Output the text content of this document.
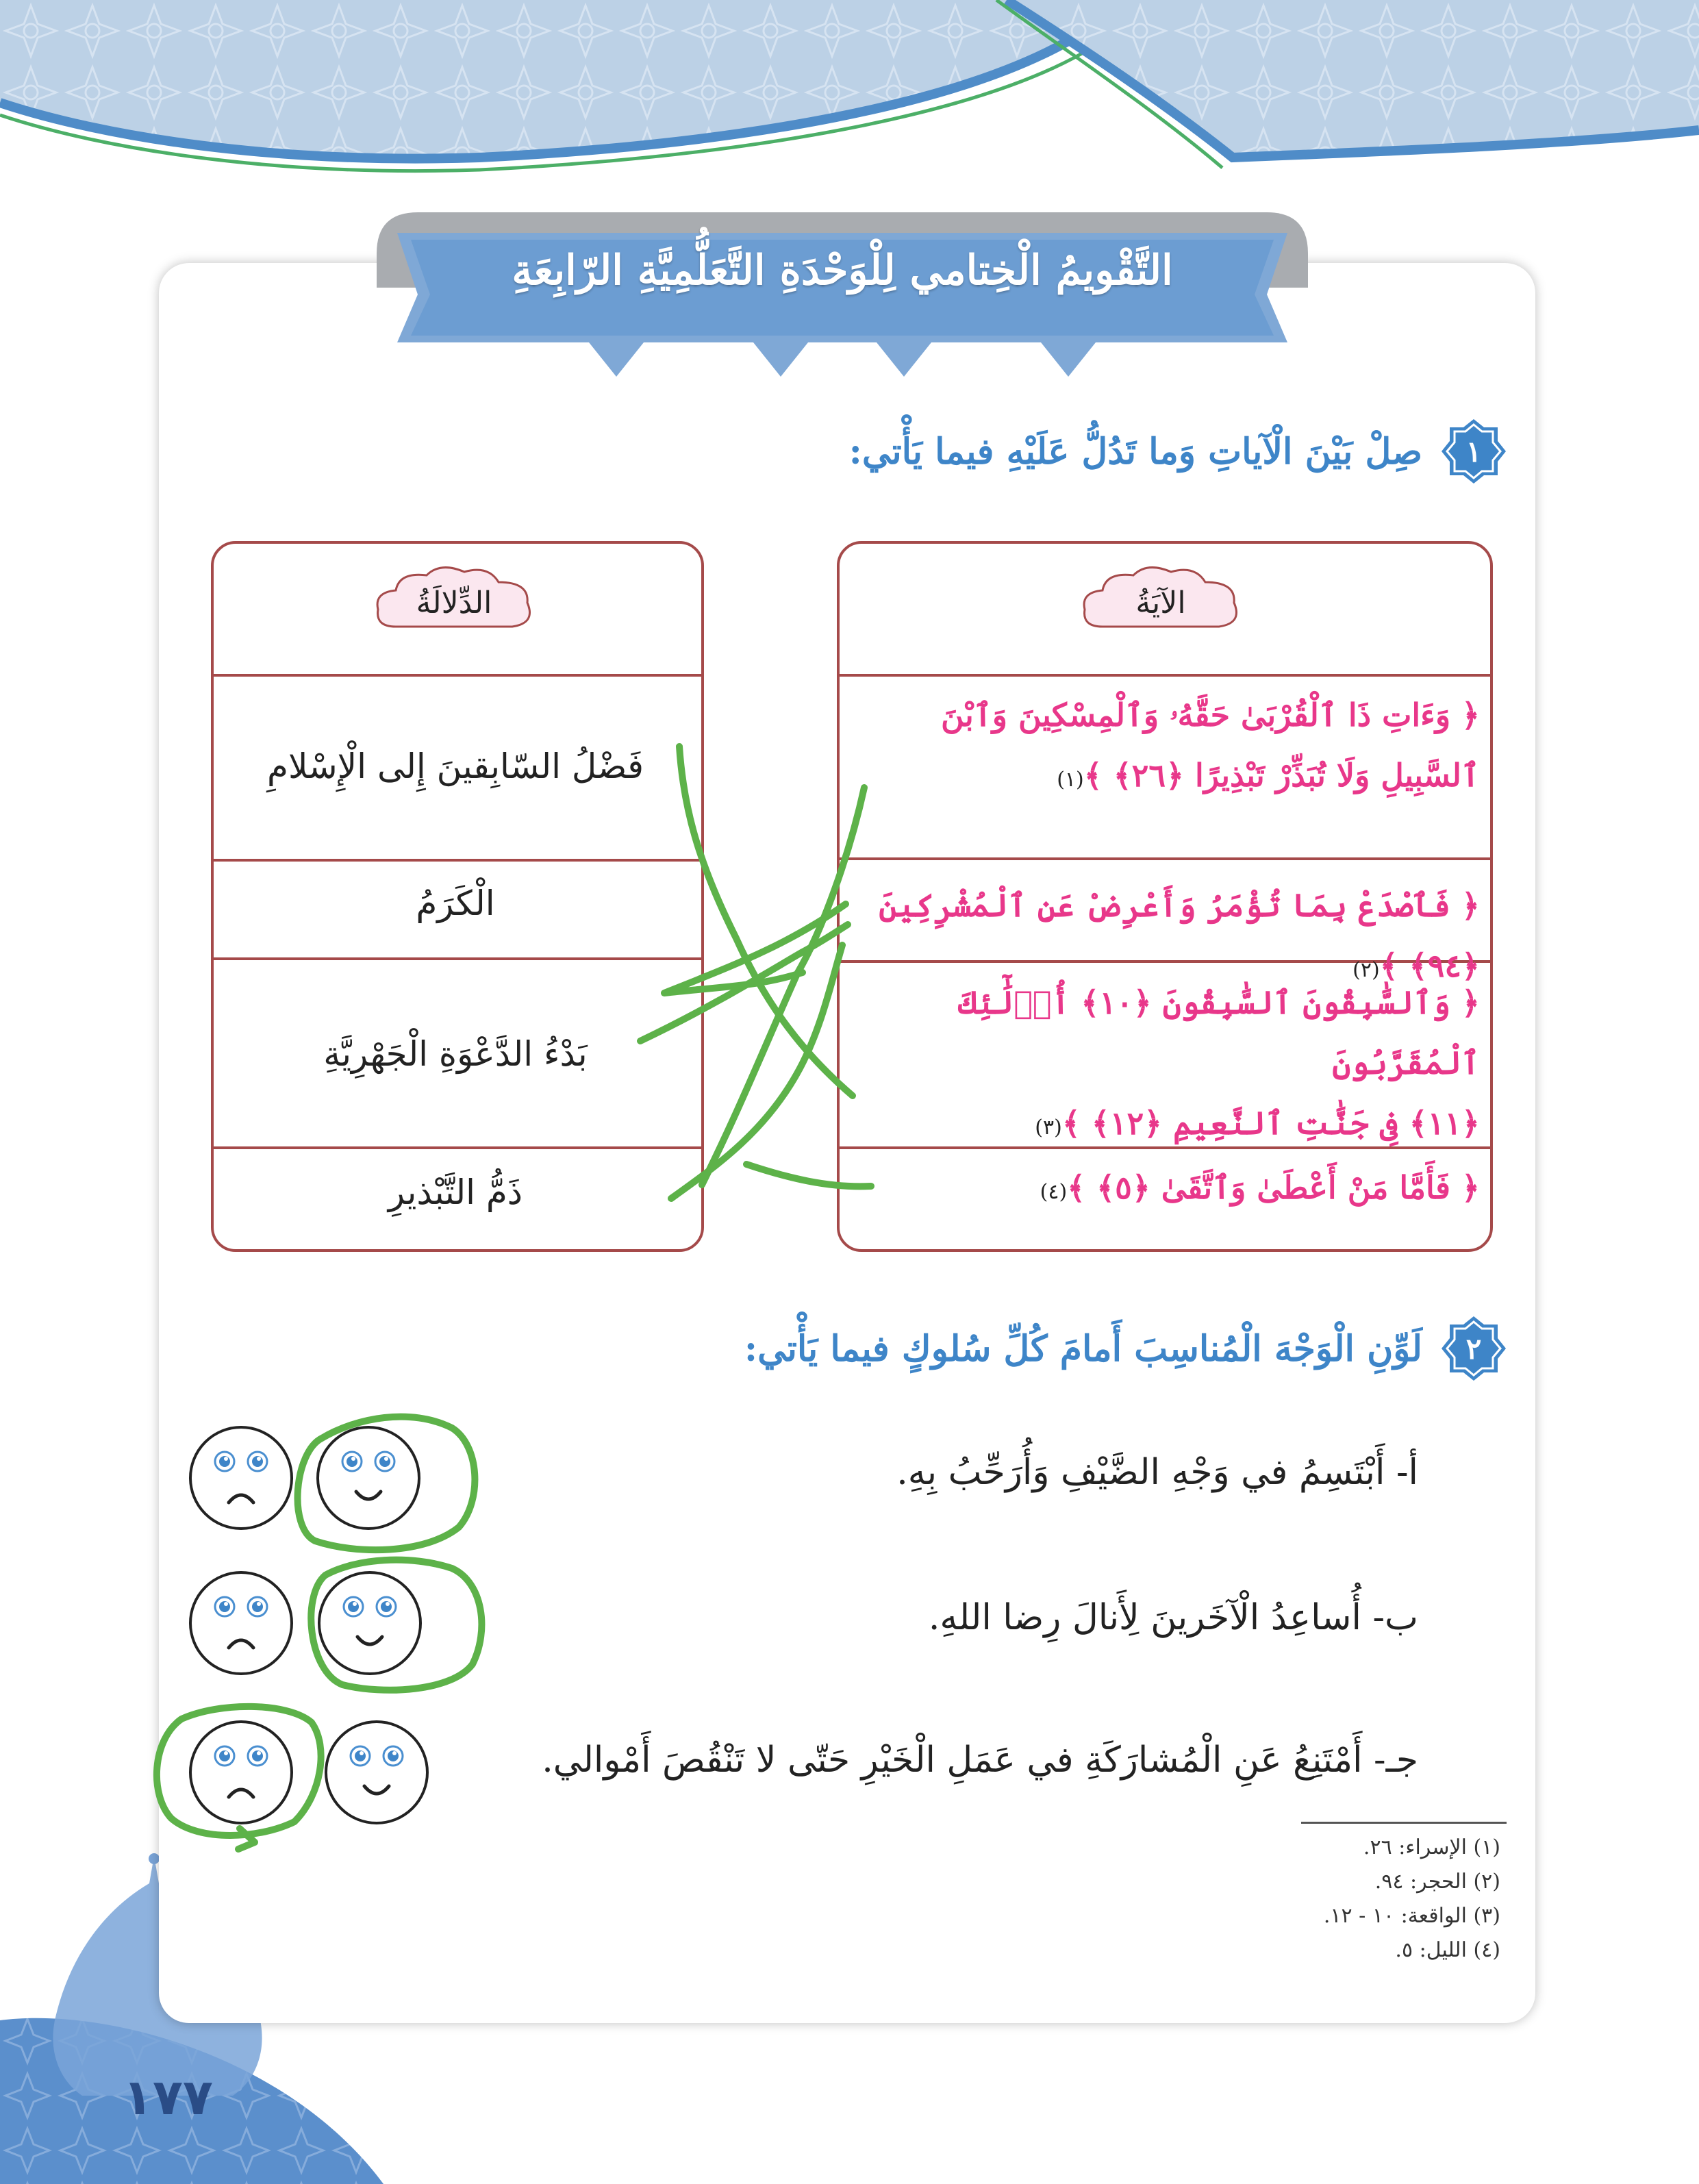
التَّقْويمُ الْخِتامي لِلْوَحْدَةِ التَّعَلُّمِيَّةِ الرّابِعَةِ
١
صِلْ بَيْنَ الْآياتِ وَما تَدُلُّ عَلَيْهِ فيما يَأْتي:
الآيَةُ
الدِّلالَةُ
﴿ وَءَاتِ ذَا ٱلْقُرْبَىٰ حَقَّهُۥ وَٱلْمِسْكِينَ وَٱبْنَ
ٱلسَّبِيلِ وَلَا تُبَذِّرْ تَبْذِيرًا ﴿٢٦﴾ ﴾(١)
﴿ فَٱصْدَعْ بِمَا تُؤْمَرُ وَأَعْرِضْ عَنِ ٱلْمُشْرِكِينَ ﴿٩٤﴾ ﴾(٢)
﴿ وَٱلسَّٰبِقُونَ ٱلسَّٰبِقُونَ ﴿١٠﴾ أُو۟لَٰٓئِكَ ٱلْمُقَرَّبُونَ
﴿١١﴾ فِى جَنَّٰتِ ٱلنَّعِيمِ ﴿١٢﴾ ﴾(٣)
﴿ فَأَمَّا مَنْ أَعْطَىٰ وَٱتَّقَىٰ ﴿٥﴾ ﴾(٤)
فَضْلُ السّابِقينَ إِلى الْإِسْلامِ
الْكَرَمُ
بَدْءُ الدَّعْوَةِ الْجَهْرِيَّةِ
ذَمُّ التَّبْذيرِ
٢
لَوِّنِ الْوَجْهَ الْمُناسِبَ أَمامَ كُلِّ سُلوكٍ فيما يَأْتي:
أ- أَبْتَسِمُ في وَجْهِ الضَّيْفِ وَأُرَحِّبُ بِهِ.
ب- أُساعِدُ الْآخَرينَ لِأَنالَ رِضا اللهِ.
جـ- أَمْتَنِعُ عَنِ الْمُشارَكَةِ في عَمَلِ الْخَيْرِ حَتّى لا تَنْقُصَ أَمْوالي.
(١) الإسراء: ٢٦.
(٢) الحجر: ٩٤.
(٣) الواقعة: ١٠ - ١٢.
(٤) الليل: ٥.
١٧٧
